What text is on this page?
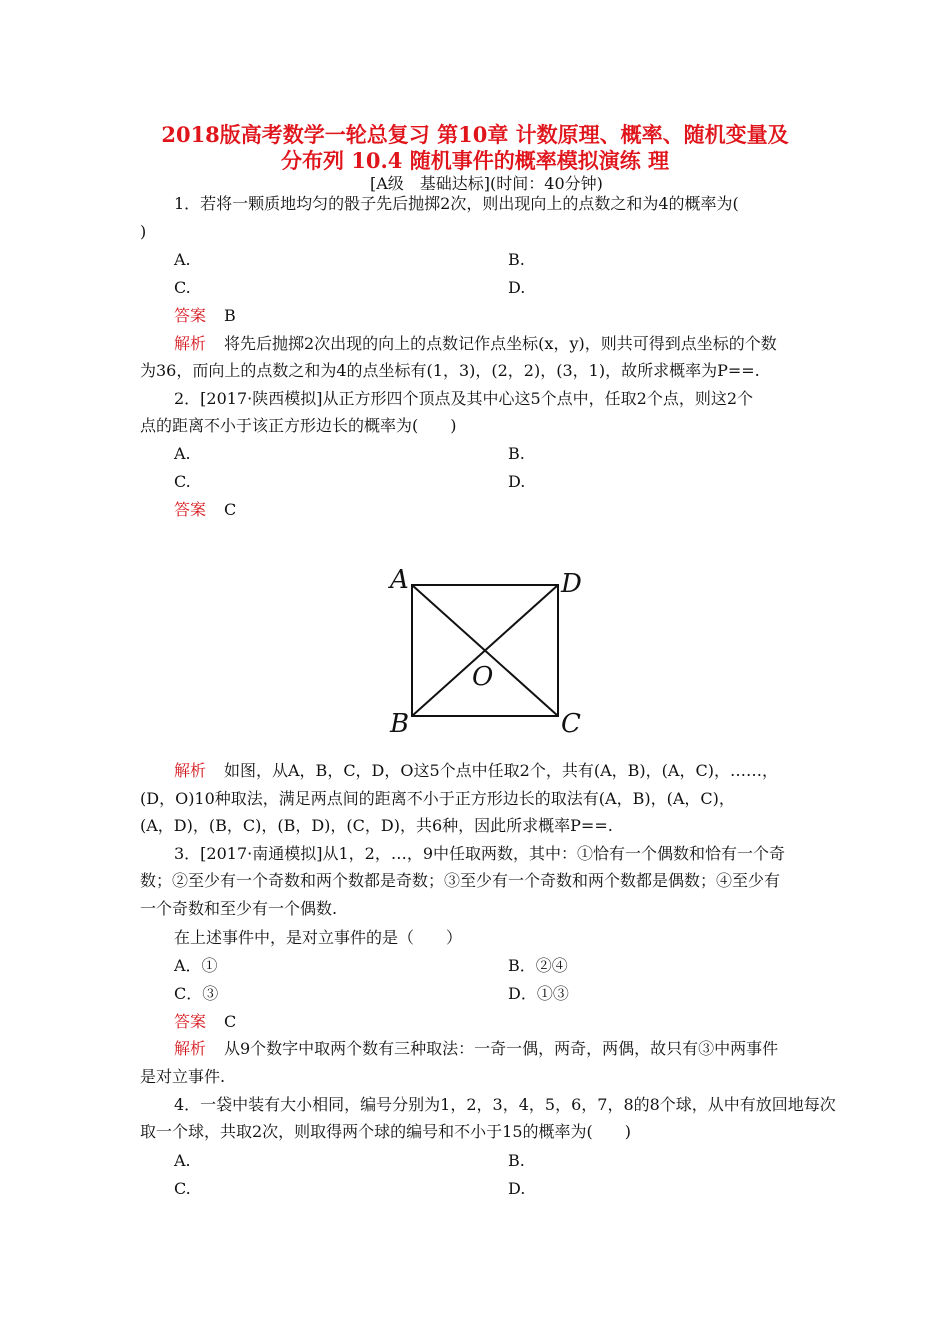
2018版高考数学一轮总复习 第10章 计数原理、概率、随机变量及
分布列 10.4 随机事件的概率模拟演练 理
[A级　基础达标](时间：40分钟)
1．若将一颗质地均匀的骰子先后抛掷2次，则出现向上的点数之和为4的概率为(
)
A.	B.
C.	D.
答案 B
解析 将先后抛掷2次出现的向上的点数记作点坐标(x，y)，则共可得到点坐标的个数
为36，而向上的点数之和为4的点坐标有(1，3)，(2，2)，(3，1)，故所求概率为P==.
2．[2017·陕西模拟]从正方形四个顶点及其中心这5个点中，任取2个点，则这2个
点的距离不小于该正方形边长的概率为(　　)
A.	B.
C.	D.
答案 C
A	D
B	C
O
解析 如图，从A，B，C，D，O这5个点中任取2个，共有(A，B)，(A，C)，……，
(D，O)10种取法，满足两点间的距离不小于正方形边长的取法有(A，B)，(A，C)，
(A，D)，(B，C)，(B，D)，(C，D)，共6种，因此所求概率P==.
3．[2017·南通模拟]从1，2，…，9中任取两数，其中：①恰有一个偶数和恰有一个奇
数；②至少有一个奇数和两个数都是奇数；③至少有一个奇数和两个数都是偶数；④至少有
一个奇数和至少有一个偶数.
在上述事件中，是对立事件的是（　　）
A．①	B．②④
C．③	D．①③
答案 C
解析 从9个数字中取两个数有三种取法：一奇一偶，两奇，两偶，故只有③中两事件
是对立事件.
4．一袋中装有大小相同，编号分别为1，2，3，4，5，6，7，8的8个球，从中有放回地每次
取一个球，共取2次，则取得两个球的编号和不小于15的概率为(　　)
A.	B.
C.	D.
